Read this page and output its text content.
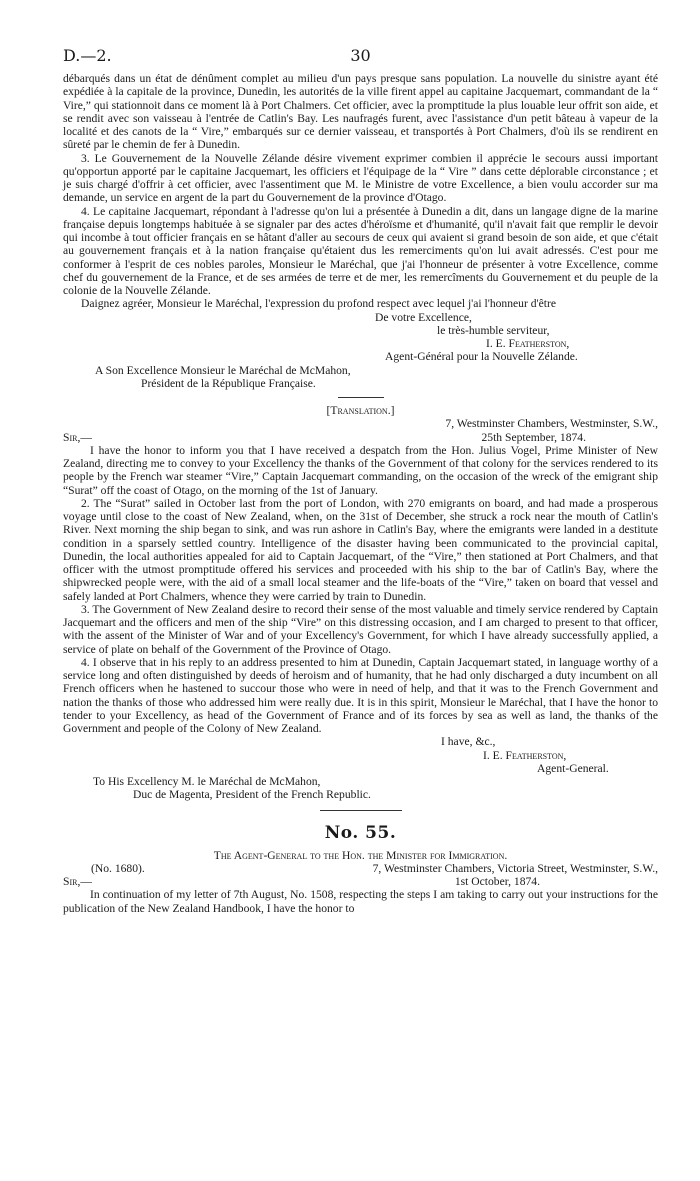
D.—2.	30

débarqués dans un état de dénûment complet au milieu d'un pays presque sans population. La nouvelle du sinistre ayant été expédiée à la capitale de la province, Dunedin, les autorités de la ville firent appel au capitaine Jacquemart, commandant de la “ Vire,” qui stationnoit dans ce moment là à Port Chalmers. Cet officier, avec la promptitude la plus louable leur offrit son aide, et se rendit avec son vaisseau à l'entrée de Catlin's Bay. Les naufragés furent, avec l'assistance d'un petit bâteau à vapeur de la localité et des canots de la “ Vire,” embarqués sur ce dernier vaisseau, et transportés à Port Chalmers, d'où ils se rendirent en sûreté par le chemin de fer à Dunedin.

3. Le Gouvernement de la Nouvelle Zélande désire vivement exprimer combien il apprécie le secours aussi important qu'opportun apporté par le capitaine Jacquemart, les officiers et l'équipage de la “ Vire ” dans cette déplorable circonstance ; et je suis chargé d'offrir à cet officier, avec l'assentiment que M. le Ministre de votre Excellence, a bien voulu accorder sur ma demande, un service en argent de la part du Gouvernement de la province d'Otago.

4. Le capitaine Jacquemart, répondant à l'adresse qu'on lui a présentée à Dunedin a dit, dans un langage digne de la marine française depuis longtemps habituée à se signaler par des actes d'héroïsme et d'humanité, qu'il n'avait fait que remplir le devoir qui incombe à tout officier français en se hâtant d'aller au secours de ceux qui avaient si grand besoin de son aide, et que c'était au gouvernement français et à la nation française qu'étaient dus les remerciments qu'on lui avait adressés. C'est pour me conformer à l'esprit de ces nobles paroles, Monsieur le Maréchal, que j'ai l'honneur de présenter à votre Excellence, comme chef du gouvernement de la France, et de ses armées de terre et de mer, les remercîments du Gouvernement et du peuple de la colonie de la Nouvelle Zélande.

Daignez agréer, Monsieur le Maréchal, l'expression du profond respect avec lequel j'ai l'honneur d'être

De votre Excellence,

le très-humble serviteur,

I. E. Featherston,

Agent-Général pour la Nouvelle Zélande.

A Son Excellence Monsieur le Maréchal de McMahon,

Président de la République Française.

[Translation.]

7, Westminster Chambers, Westminster, S.W.,

Sir,—	25th September, 1874.

I have the honor to inform you that I have received a despatch from the Hon. Julius Vogel, Prime Minister of New Zealand, directing me to convey to your Excellency the thanks of the Government of that colony for the services rendered to its people by the French war steamer “Vire,” Captain Jacquemart commanding, on the occasion of the wreck of the emigrant ship “Surat” off the coast of Otago, on the morning of the 1st of January.

2. The “Surat” sailed in October last from the port of London, with 270 emigrants on board, and had made a prosperous voyage until close to the coast of New Zealand, when, on the 31st of December, she struck a rock near the mouth of Catlin's River. Next morning the ship began to sink, and was run ashore in Catlin's Bay, where the emigrants were landed in a destitute condition in a sparsely settled country. Intelligence of the disaster having been communicated to the provincial capital, Dunedin, the local authorities appealed for aid to Captain Jacquemart, of the “Vire,” then stationed at Port Chalmers, and that officer with the utmost promptitude offered his services and proceeded with his ship to the bar of Catlin's Bay, where the shipwrecked people were, with the aid of a small local steamer and the life-boats of the “Vire,” taken on board that vessel and safely landed at Port Chalmers, whence they were carried by train to Dunedin.

3. The Government of New Zealand desire to record their sense of the most valuable and timely service rendered by Captain Jacquemart and the officers and men of the ship “Vire” on this distressing occasion, and I am charged to present to that officer, with the assent of the Minister of War and of your Excellency's Government, for which I have already successfully applied, a service of plate on behalf of the Government of the Province of Otago.

4. I observe that in his reply to an address presented to him at Dunedin, Captain Jacquemart stated, in language worthy of a service long and often distinguished by deeds of heroism and of humanity, that he had only discharged a duty incumbent on all French officers when he hastened to succour those who were in need of help, and that it was to the French Government and nation the thanks of those who addressed him were really due. It is in this spirit, Monsieur le Maréchal, that I have the honor to tender to your Excellency, as head of the Government of France and of its forces by sea as well as land, the thanks of the Government and people of the Colony of New Zealand.

I have, &c.,

I. E. Featherston,

Agent-General.

To His Excellency M. le Maréchal de McMahon,

Duc de Magenta, President of the French Republic.

No. 55.

The Agent-General to the Hon. the Minister for Immigration.

(No. 1680).	7, Westminster Chambers, Victoria Street, Westminster, S.W.,
Sir,—	1st October, 1874.

In continuation of my letter of 7th August, No. 1508, respecting the steps I am taking to carry out your instructions for the publication of the New Zealand Handbook, I have the honor to
